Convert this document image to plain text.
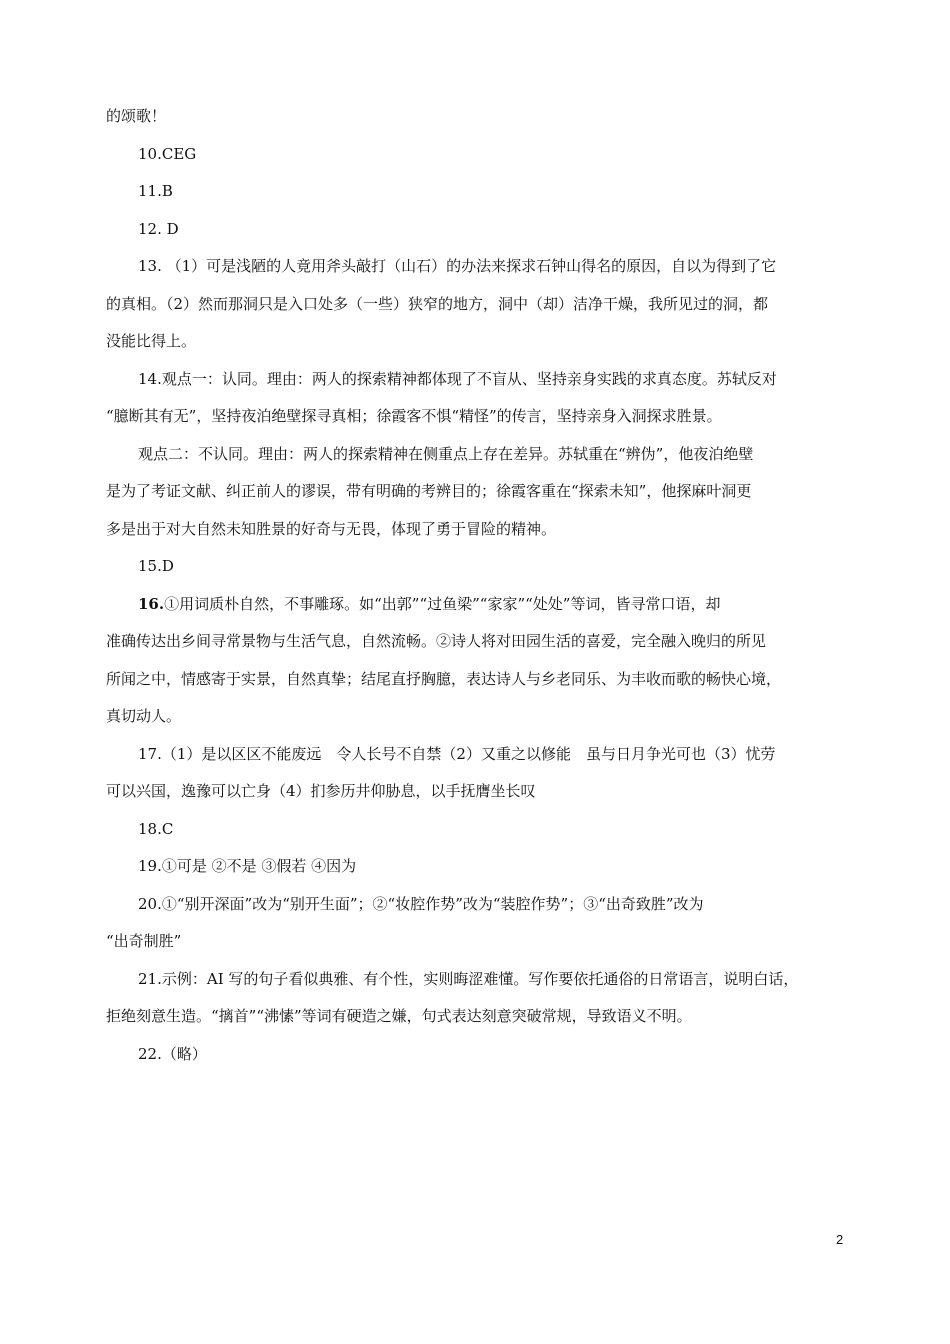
的颂歌！
10.CEG
11.B
12. D
13. （1）可是浅陋的人竟用斧头敲打（山石）的办法来探求石钟山得名的原因，自以为得到了它
的真相。（2）然而那洞只是入口处多（一些）狭窄的地方，洞中（却）洁净干燥，我所见过的洞，都
没能比得上。
14.观点一：认同。理由：两人的探索精神都体现了不盲从、坚持亲身实践的求真态度。苏轼反对
“臆断其有无”，坚持夜泊绝壁探寻真相；徐霞客不惧“精怪”的传言，坚持亲身入洞探求胜景。
观点二：不认同。理由：两人的探索精神在侧重点上存在差异。苏轼重在“辨伪”，他夜泊绝壁
是为了考证文献、纠正前人的谬误，带有明确的考辨目的；徐霞客重在“探索未知”，他探麻叶洞更
多是出于对大自然未知胜景的好奇与无畏，体现了勇于冒险的精神。
15.D
16.①用词质朴自然，不事雕琢。如“出郭”“过鱼梁”“家家”“处处”等词，皆寻常口语，却
准确传达出乡间寻常景物与生活气息，自然流畅。②诗人将对田园生活的喜爱，完全融入晚归的所见
所闻之中，情感寄于实景，自然真挚；结尾直抒胸臆，表达诗人与乡老同乐、为丰收而歌的畅快心境，
真切动人。
17.（1）是以区区不能废远　令人长号不自禁（2）又重之以修能　虽与日月争光可也（3）忧劳
可以兴国，逸豫可以亡身（4）扪参历井仰胁息，以手抚膺坐长叹
18.C
19.①可是 ②不是 ③假若 ④因为
20.①“别开深面”改为“别开生面”；②“妆腔作势”改为“装腔作势”；③“出奇致胜”改为
“出奇制胜”
21.示例：AI 写的句子看似典雅、有个性，实则晦涩难懂。写作要依托通俗的日常语言，说明白话，
拒绝刻意生造。“摛首”“沸愫”等词有硬造之嫌，句式表达刻意突破常规，导致语义不明。
22.（略）
2
